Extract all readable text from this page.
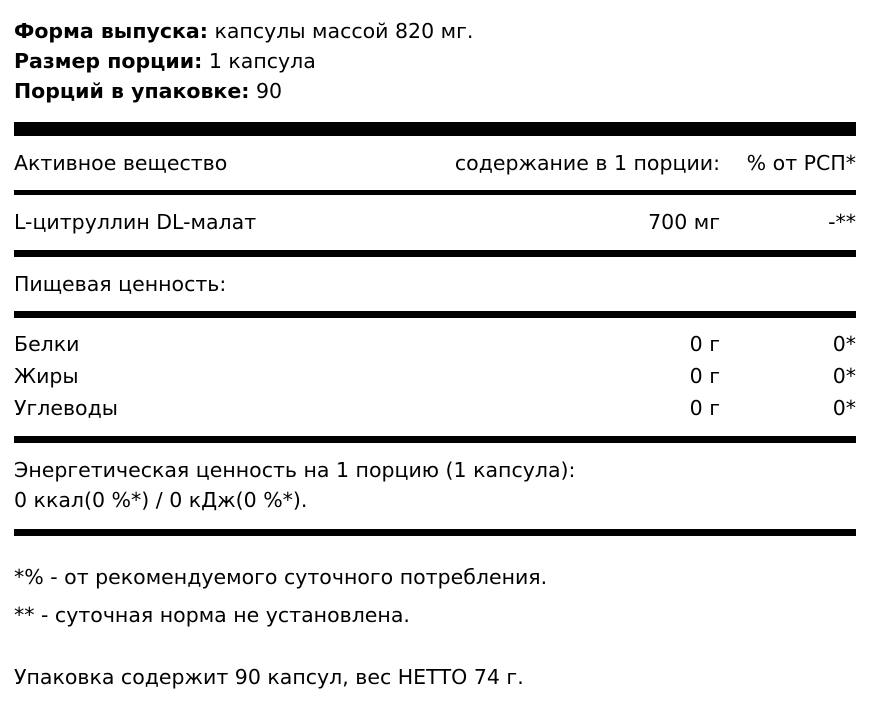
Форма выпуска: капсулы массой 820 мг.
Размер порции: 1 капсула
Порций в упаковке: 90
Активное вещество	содержание в 1 порции:	% от РСП*
L-цитруллин DL-малат	700 мг	-**
Пищевая ценность:
Белки	0 г	0*
Жиры	0 г	0*
Углеводы	0 г	0*
Энергетическая ценность на 1 порцию (1 капсула):
0 ккал(0 %*) / 0 кДж(0 %*).
*% - от рекомендуемого суточного потребления.
** - суточная норма не установлена.
Упаковка содержит 90 капсул, вес НЕТТО 74 г.
